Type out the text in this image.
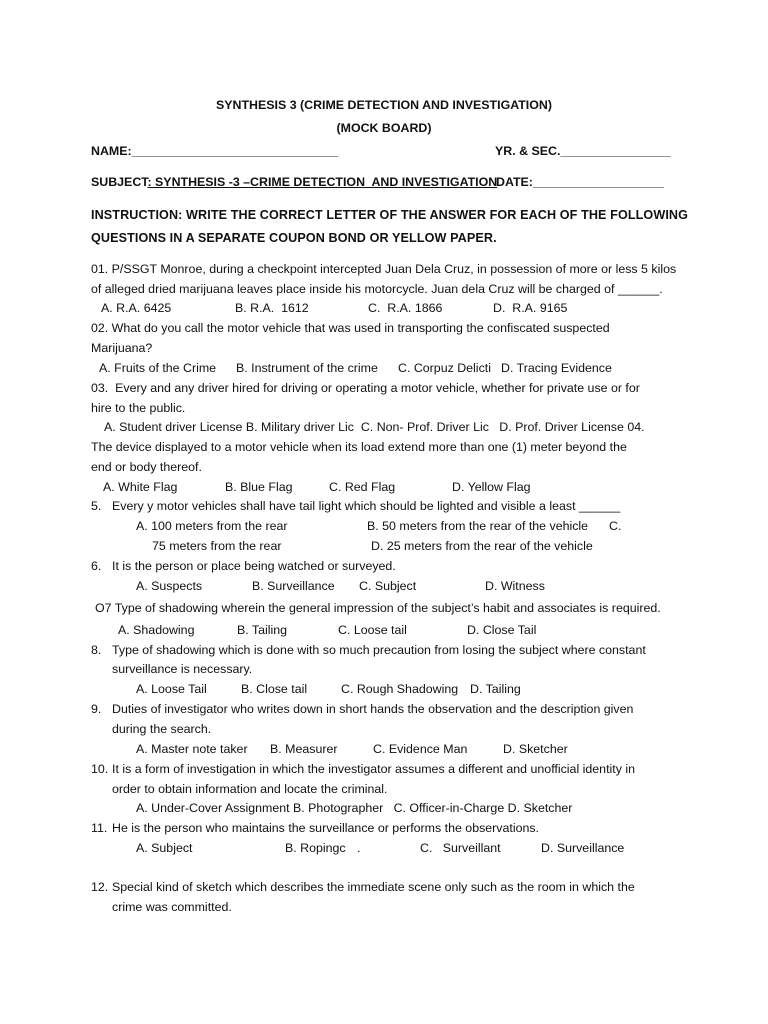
SYNTHESIS 3 (CRIME DETECTION AND INVESTIGATION)
(MOCK BOARD)
NAME:______________________________	YR. & SEC.________________
SUBJECT: SYNTHESIS -3 –CRIME DETECTION  AND INVESTIGATION
DATE:___________________
INSTRUCTION: WRITE THE CORRECT LETTER OF THE ANSWER FOR EACH OF THE FOLLOWING
QUESTIONS IN A SEPARATE COUPON BOND OR YELLOW PAPER.
01. P/SSGT Monroe, during a checkpoint intercepted Juan Dela Cruz, in possession of more or less 5 kilos
of alleged dried marijuana leaves place inside his motorcycle. Juan dela Cruz will be charged of ______.
A. R.A. 6425	B. R.A.  1612	C.  R.A. 1866	D.  R.A. 9165
02. What do you call the motor vehicle that was used in transporting the confiscated suspected
Marijuana?
A. Fruits of the Crime B. Instrument of the crime C. Corpuz Delicti D. Tracing Evidence
03.  Every and any driver hired for driving or operating a motor vehicle, whether for private use or for
hire to the public.
A. Student driver License B. Military driver Lic  C. Non- Prof. Driver Lic   D. Prof. Driver License 04.
The device displayed to a motor vehicle when its load extend more than one (1) meter beyond the
end or body thereof.
A. White Flag	B. Blue Flag	C. Red Flag	D. Yellow Flag
5. Every y motor vehicles shall have tail light which should be lighted and visible a least ______
A. 100 meters from the rear	B. 50 meters from the rear of the vehicle C.
75 meters from the rear	D. 25 meters from the rear of the vehicle
6. It is the person or place being watched or surveyed.
A. Suspects	B. Surveillance C. Subject	D. Witness
O7 Type of shadowing wherein the general impression of the subject’s habit and associates is required.
A. Shadowing	B. Tailing	C. Loose tail	D. Close Tail
8. Type of shadowing which is done with so much precaution from losing the subject where constant
surveillance is necessary.
A. Loose Tail	B. Close tail	C. Rough Shadowing D. Tailing
9. Duties of investigator who writes down in short hands the observation and the description given
during the search.
A. Master note taker B. Measurer	C. Evidence Man	D. Sketcher
10. It is a form of investigation in which the investigator assumes a different and unofficial identity in
order to obtain information and locate the criminal.
A. Under-Cover Assignment B. Photographer   C. Officer-in-Charge D. Sketcher
11. He is the person who maintains the surveillance or performs the observations.
A. Subject	B. Ropingc .	C.   Surveillant	D. Surveillance
12. Special kind of sketch which describes the immediate scene only such as the room in which the
crime was committed.
